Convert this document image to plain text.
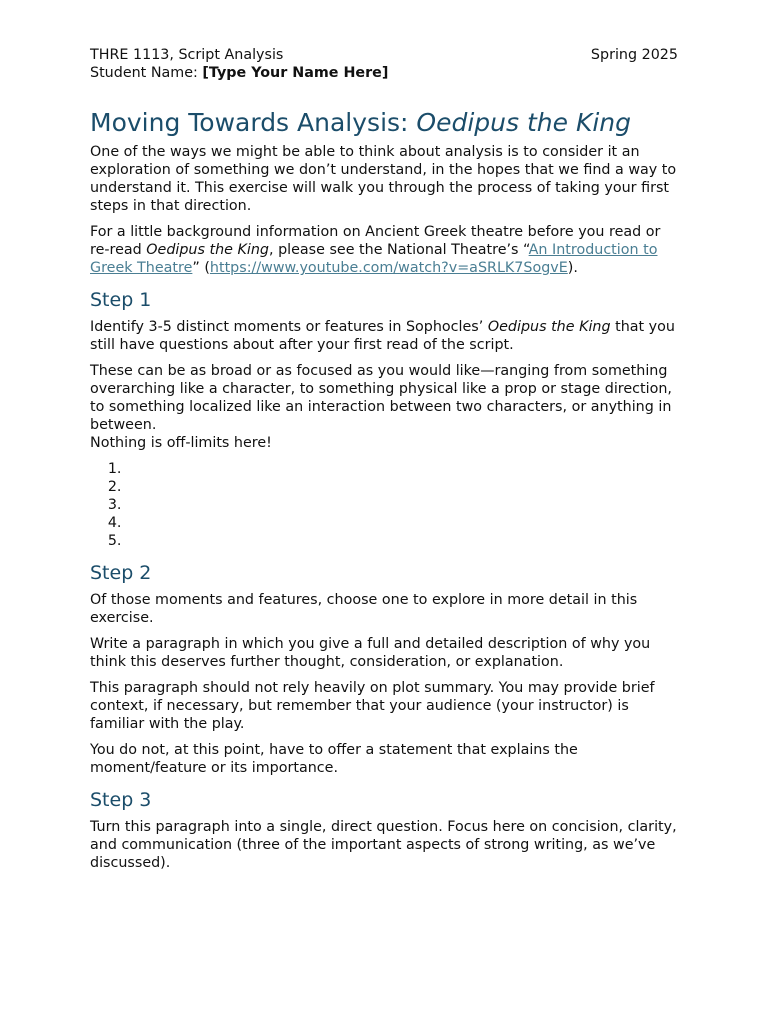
THRE 1113, Script Analysis	Spring 2025
Student Name: [Type Your Name Here]
Moving Towards Analysis: Oedipus the King

One of the ways we might be able to think about analysis is to consider it an exploration of something we don’t understand, in the hopes that we find a way to understand it. This exercise will walk you through the process of taking your first steps in that direction.

For a little background information on Ancient Greek theatre before you read or re-read Oedipus the King, please see the National Theatre’s “An Introduction to Greek Theatre” (https://www.youtube.com/watch?v=aSRLK7SogvE).

Step 1

Identify 3-5 distinct moments or features in Sophocles’ Oedipus the King that you still have questions about after your first read of the script.

These can be as broad or as focused as you would like—ranging from something overarching like a character, to something physical like a prop or stage direction, to something localized like an interaction between two characters, or anything in between.
Nothing is off-limits here!

1.
2.
3.
4.
5.
Step 2

Of those moments and features, choose one to explore in more detail in this exercise.

Write a paragraph in which you give a full and detailed description of why you think this deserves further thought, consideration, or explanation.

This paragraph should not rely heavily on plot summary. You may provide brief context, if necessary, but remember that your audience (your instructor) is familiar with the play.

You do not, at this point, have to offer a statement that explains the moment/feature or its importance.

Step 3

Turn this paragraph into a single, direct question. Focus here on concision, clarity, and communication (three of the important aspects of strong writing, as we’ve discussed).
